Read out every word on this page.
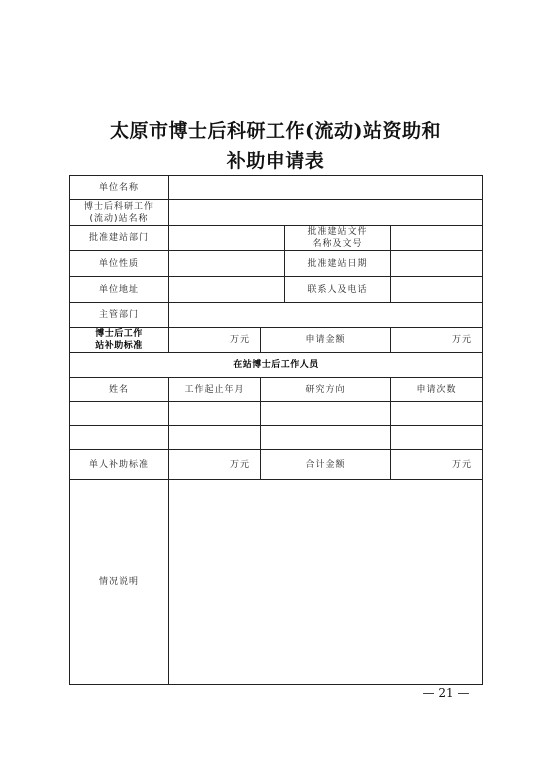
太原市博士后科研工作(流动)站资助和
补助申请表
单位名称				
博士后科研工作
(流动)站名称				
批准建站部门			批准建站文件
名称及文号	
单位性质			批准建站日期	
单位地址			联系人及电话	
主管部门				
博士后工作
站补助标准	万元	申请金额		万元
在站博士后工作人员				
姓名	工作起止年月	研究方向		申请次数

单人补助标准	万元	合计金额		万元
情况说明				
— 21 —
